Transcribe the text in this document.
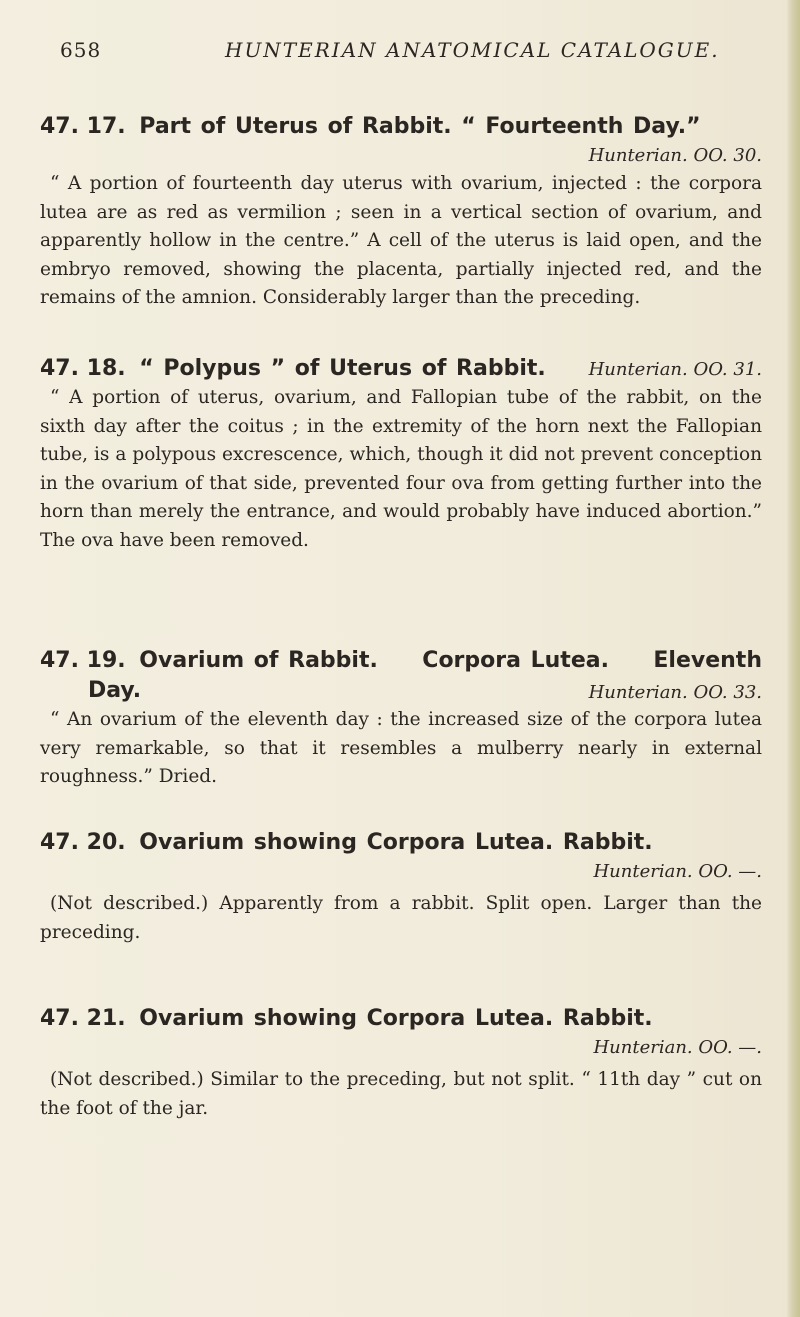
658	HUNTERIAN ANATOMICAL CATALOGUE.
47. 17. Part of Uterus of Rabbit. “ Fourteenth Day.”
Hunterian. OO. 30.

“ A portion of fourteenth day uterus with ovarium, injected : the corpora lutea are as red as vermilion ; seen in a vertical section of ovarium, and apparently hollow in the centre.” A cell of the uterus is laid open, and the embryo removed, showing the placenta, partially injected red, and the remains of the amnion. Considerably larger than the preceding.

47. 18. “ Polypus ” of Uterus of Rabbit. Hunterian. OO. 31.

“ A portion of uterus, ovarium, and Fallopian tube of the rabbit, on the sixth day after the coitus ; in the extremity of the horn next the Fallopian tube, is a polypous excrescence, which, though it did not prevent conception in the ovarium of that side, prevented four ova from getting further into the horn than merely the entrance, and would probably have induced abortion.” The ova have been removed.

47. 19. Ovarium of Rabbit. Corpora Lutea. Eleventh
Day.	Hunterian. OO. 33.

“ An ovarium of the eleventh day : the increased size of the corpora lutea very remarkable, so that it resembles a mulberry nearly in external roughness.” Dried.

47. 20. Ovarium showing Corpora Lutea. Rabbit.
Hunterian. OO. —.

(Not described.) Apparently from a rabbit. Split open. Larger than the preceding.

47. 21. Ovarium showing Corpora Lutea. Rabbit.
Hunterian. OO. —.

(Not described.) Similar to the preceding, but not split. “ 11th day ” cut on the foot of the jar.
